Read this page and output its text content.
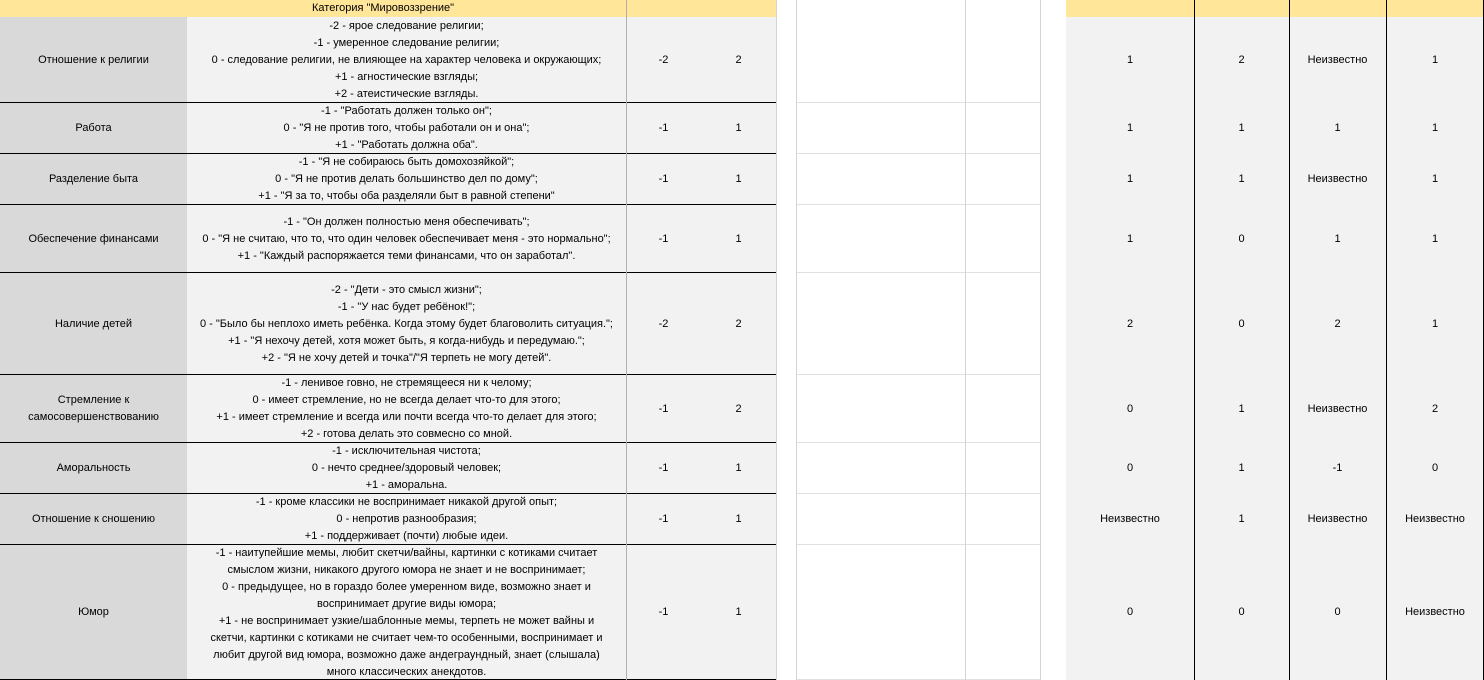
Категория "Мировоззрение"
Отношение к религии
-2 - ярое следование религии;
-1 - умеренное следование религии;
0 - следование религии, не влияющее на характер человека и окружающих;
+1 - агностические взгляды;
+2 - атеистические взгляды.
-2	2	1	2	Неизвестно	1
Работа
-1 - "Работать должен только он";
0 - "Я не против того, чтобы работали он и она";
+1 - "Работать должна оба".
-1	1	1	1	1	1
Разделение быта
-1 - "Я не собираюсь быть домохозяйкой";
0 - "Я не против делать большинство дел по дому";
+1 - "Я за то, чтобы оба разделяли быт в равной степени"
-1	1	1	1	Неизвестно	1
Обеспечение финансами
-1 - "Он должен полностью меня обеспечивать";
0 - "Я не считаю, что то, что один человек обеспечивает меня - это нормально";
+1 - "Каждый распоряжается теми финансами, что он заработал".
-1	1	1	0	1	1
Наличие детей
-2 - "Дети - это смысл жизни";
-1 - "У нас будет ребёнок!";
0 - "Было бы неплохо иметь ребёнка. Когда этому будет благоволить ситуация.";
+1 - "Я нехочу детей, хотя может быть, я когда-нибудь и передумаю.";
+2 - "Я не хочу детей и точка"/"Я терпеть не могу детей".
-2	2	2	0	2	1
Стремление к самосовершенствованию
-1 - ленивое говно, не стремящееся ни к челому;
0 - имеет стремление, но не всегда делает что-то для этого;
+1 - имеет стремление и всегда или почти всегда что-то делает для этого;
+2 - готова делать это совмесно со мной.
-1	2	0	1	Неизвестно	2
Аморальность
-1 - исключительная чистота;
0 - нечто среднее/здоровый человек;
+1 - аморальна.
-1	1	0	1	-1	0
Отношение к сношению
-1 - кроме классики не воспринимает никакой другой опыт;
0 - непротив разнообразия;
+1 - поддерживает (почти) любые идеи.
-1	1	Неизвестно	1	Неизвестно	Неизвестно
Юмор
-1 - наитупейшие мемы, любит скетчи/вайны, картинки с котиками считает
смыслом жизни, никакого другого юмора не знает и не воспринимает;
0 - предыдущее, но в гораздо более умеренном виде, возможно знает и
воспринимает другие виды юмора;
+1 - не воспринимает узкие/шаблонные мемы, терпеть не может вайны и
скетчи, картинки с котиками не считает чем-то особенными, воспринимает и
любит другой вид юмора, возможно даже андеграундный, знает (слышала)
много классических анекдотов.
-1	1	0	0	0	Неизвестно
